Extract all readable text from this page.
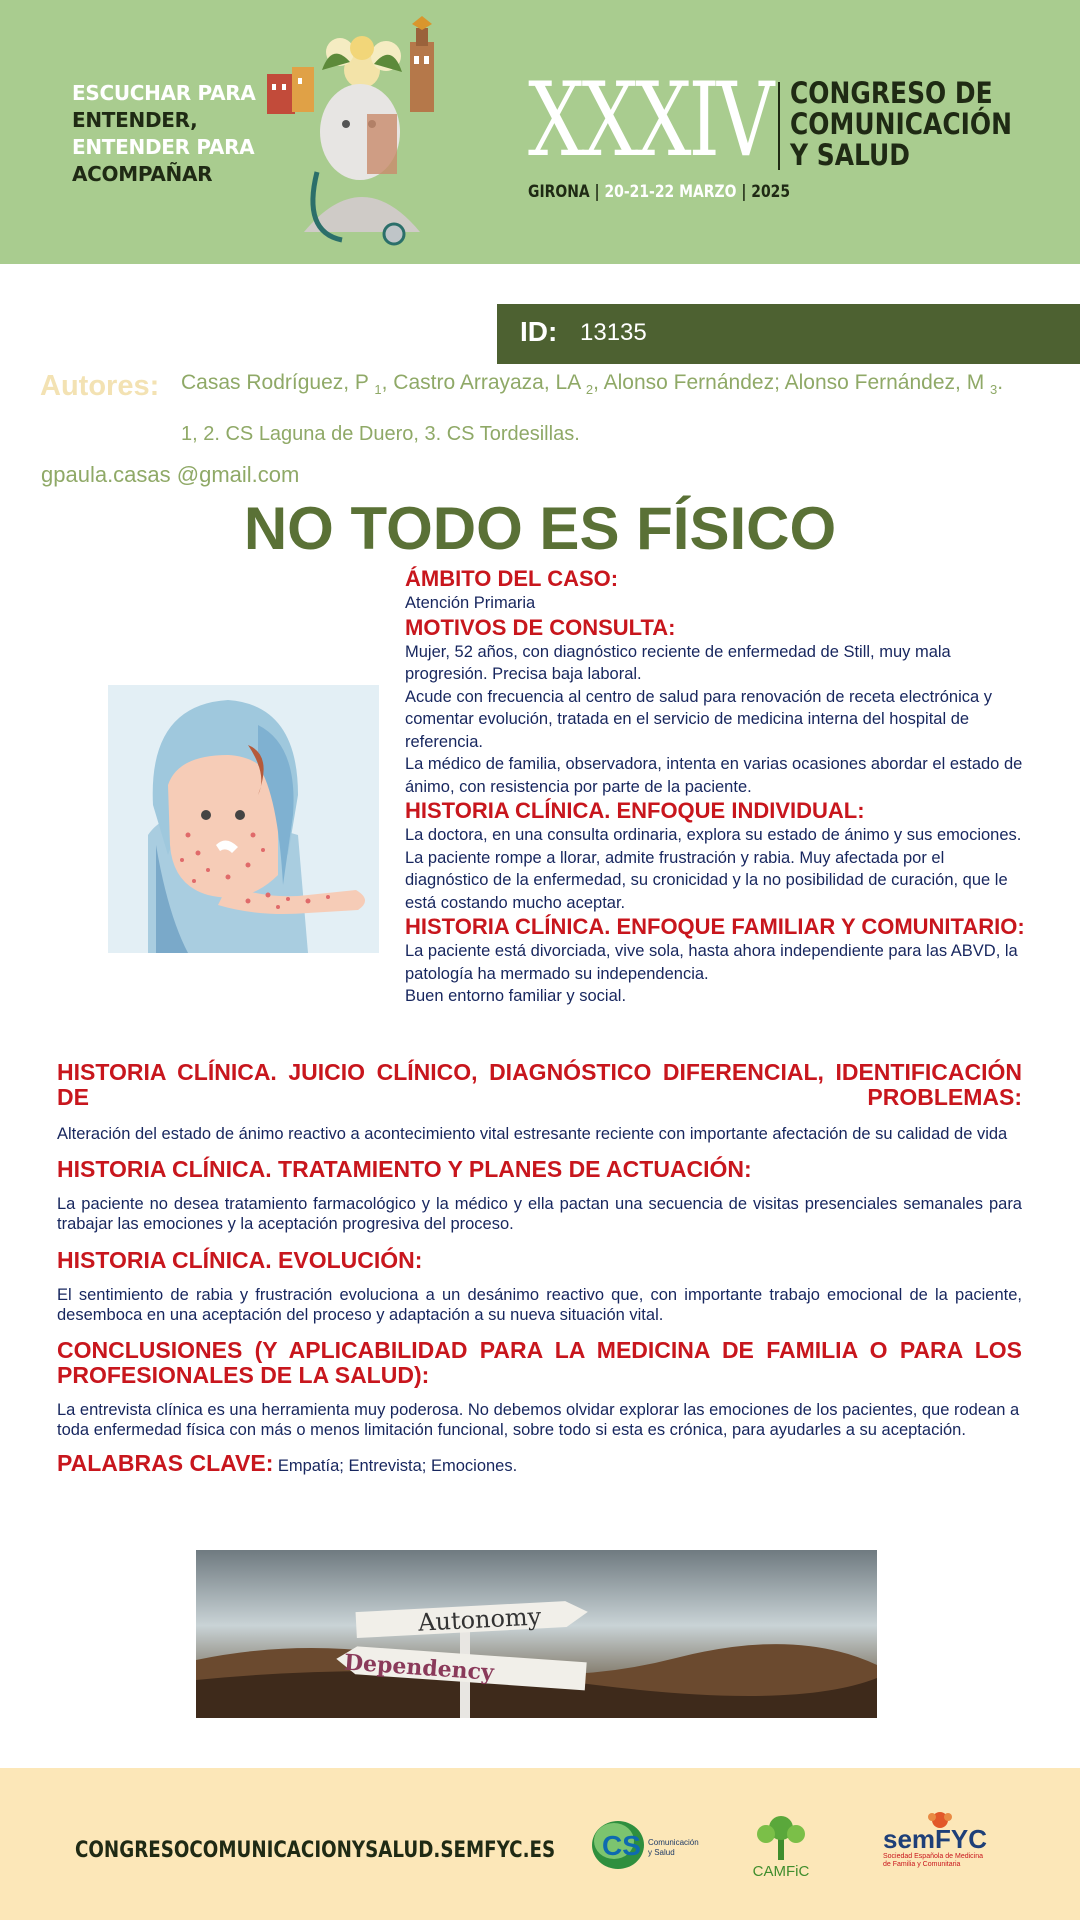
ESCUCHAR PARA
ENTENDER,
ENTENDER PARA
ACOMPAÑAR	XXXIV CONGRESO DE
COMUNICACIÓN
Y SALUD
GIRONA | 20-21-22 MARZO | 2025
ID: 13135
Autores: Casas Rodríguez, P $_1$, Castro Arrayaza, LA $_2$, Alonso Fernández; Alonso Fernández, M $_3$.
1, 2. CS Laguna de Duero, 3. CS Tordesillas.
gpaula.casas @gmail.com
NO TODO ES FÍSICO

ÁMBITO DEL CASO:

Atención Primaria

MOTIVOS DE CONSULTA:

Mujer, 52 años, con diagnóstico reciente de enfermedad de Still, muy mala progresión. Precisa baja laboral.

Acude con frecuencia al centro de salud para renovación de receta electrónica y comentar evolución, tratada en el servicio de medicina interna del hospital de referencia.

La médico de familia, observadora, intenta en varias ocasiones abordar el estado de ánimo, con resistencia por parte de la paciente.

HISTORIA CLÍNICA. ENFOQUE INDIVIDUAL:

La doctora, en una consulta ordinaria, explora su estado de ánimo y sus emociones. La paciente rompe a llorar, admite frustración y rabia. Muy afectada por el diagnóstico de la enfermedad, su cronicidad y la no posibilidad de curación, que le está costando mucho aceptar.

HISTORIA CLÍNICA. ENFOQUE FAMILIAR Y COMUNITARIO:

La paciente está divorciada, vive sola, hasta ahora independiente para las ABVD, la patología ha mermado su independencia.

Buen entorno familiar y social.

HISTORIA CLÍNICA. JUICIO CLÍNICO, DIAGNÓSTICO DIFERENCIAL, IDENTIFICACIÓN DE PROBLEMAS:

Alteración del estado de ánimo reactivo a acontecimiento vital estresante reciente con importante afectación de su calidad de vida

HISTORIA CLÍNICA. TRATAMIENTO Y PLANES DE ACTUACIÓN:

La paciente no desea tratamiento farmacológico y la médico y ella pactan una secuencia de visitas presenciales semanales para trabajar las emociones y la aceptación progresiva del proceso.

HISTORIA CLÍNICA. EVOLUCIÓN:

El sentimiento de rabia y frustración evoluciona a un desánimo reactivo que, con importante trabajo emocional de la paciente, desemboca en una aceptación del proceso y adaptación a su nueva situación vital.

CONCLUSIONES (Y APLICABILIDAD PARA LA MEDICINA DE FAMILIA O PARA LOS PROFESIONALES DE LA SALUD):

La entrevista clínica es una herramienta muy poderosa. No debemos olvidar explorar las emociones de los pacientes, que rodean a toda enfermedad física con más o menos limitación funcional, sobre todo si esta es crónica, para ayudarles a su aceptación.

PALABRAS CLAVE: Empatía; Entrevista; Emociones.

Autonomy
Dependency
CONGRESOCOMUNICACIONYSALUD.SEMFYC.ES CS Comunicación
y Salud
CAMFiC
semFYC
Sociedad Española de Medicina
de Familia y Comunitaria
